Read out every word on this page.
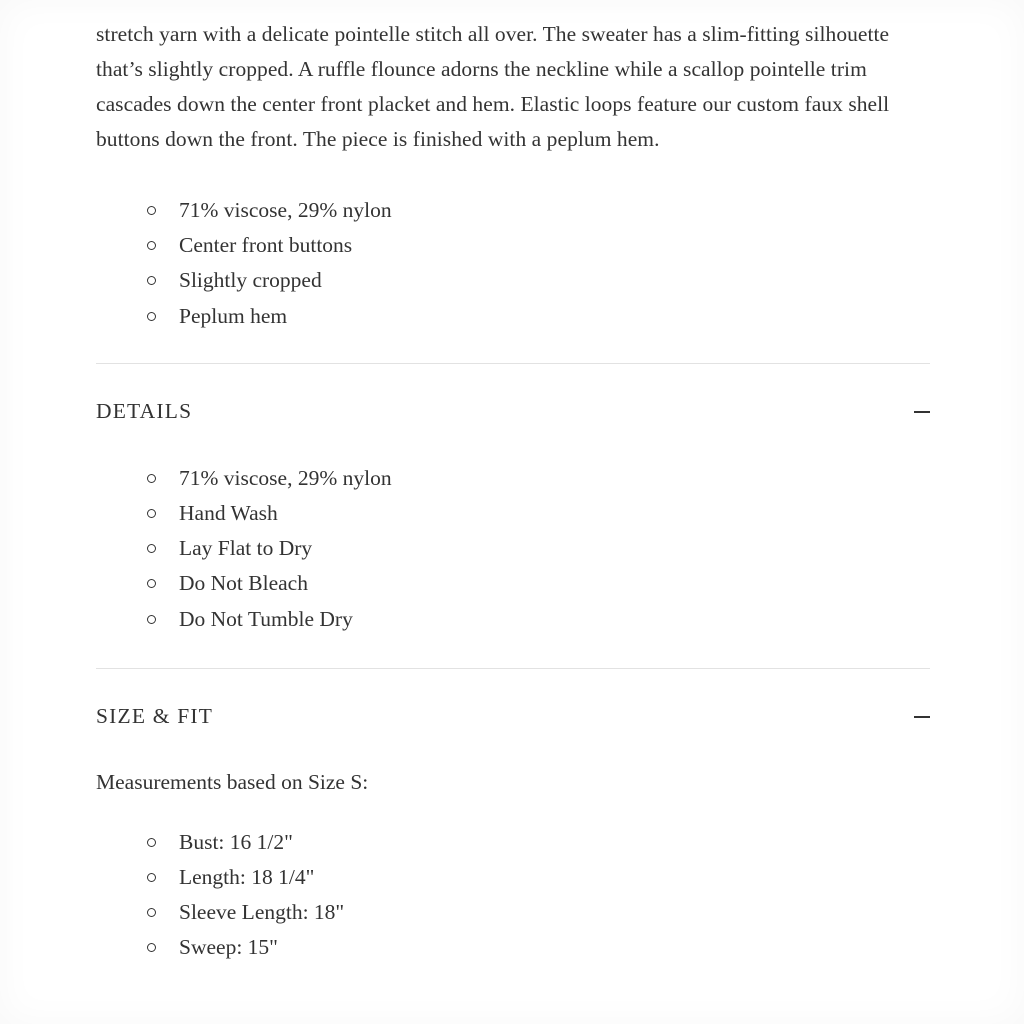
stretch yarn with a delicate pointelle stitch all over. The sweater has a slim-fitting silhouette that’s slightly cropped. A ruffle flounce adorns the neckline while a scallop pointelle trim cascades down the center front placket and hem. Elastic loops feature our custom faux shell buttons down the front. The piece is finished with a peplum hem.

71% viscose, 29% nylon
Center front buttons
Slightly cropped
Peplum hem
DETAILS
71% viscose, 29% nylon
Hand Wash
Lay Flat to Dry
Do Not Bleach
Do Not Tumble Dry
SIZE & FIT

Measurements based on Size S:

Bust: 16 1/2"
Length: 18 1/4"
Sleeve Length: 18"
Sweep: 15"
